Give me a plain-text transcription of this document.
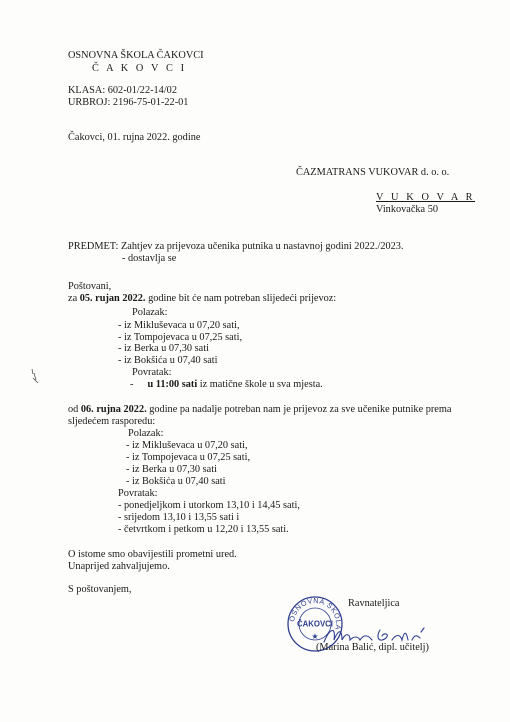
OSNOVNA ŠKOLA ČAKOVCI
Č A K O V C I
KLASA: 602-01/22-14/02
URBROJ: 2196-75-01-22-01
Čakovci, 01. rujna 2022. godine
ČAZMATRANS VUKOVAR d. o. o.
V U K O V A R
Vinkovačka 50
PREDMET: Zahtjev za prijevoza učenika putnika u nastavnoj godini 2022./2023.
- dostavlja se
Poštovani,
za 05. rujan 2022. godine bit će nam potreban slijedeći prijevoz:
Polazak:
- iz Mikluševaca u 07,20 sati,
- iz Tompojevaca u 07,25 sati,
- iz Berka u 07,30 sati
- iz Bokšića u 07,40 sati
Povratak:
- u 11:00 sati iz matične škole u sva mjesta.
od 06. rujna 2022. godine pa nadalje potreban nam je prijevoz za sve učenike putnike prema
sljedećem rasporedu:
Polazak:
- iz Mikluševaca u 07,20 sati,
- iz Tompojevaca u 07,25 sati,
- iz Berka u 07,30 sati
- iz Bokšića u 07,40 sati
Povratak:
- ponedjeljkom i utorkom 13,10 i 14,45 sati,
- srijedom 13,10 i 13,55 sati i
- četvrtkom i petkom u 12,20 i 13,55 sati.
O istome smo obavijestili prometni ured.
Unaprijed zahvaljujemo.
S poštovanjem,
Ravnateljica
OSNOVNA ŠKOLA
ČAKOVCI
★
(Marina Balić, dipl. učitelj)
